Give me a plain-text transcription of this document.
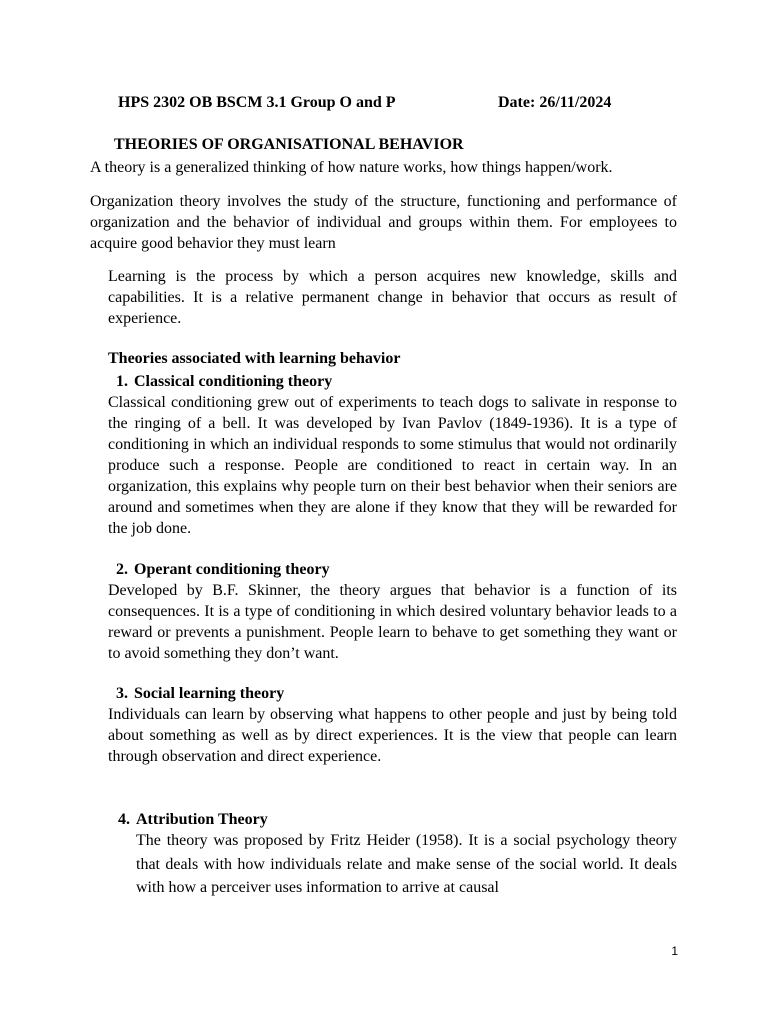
HPS 2302 OB BSCM 3.1 Group O and P	Date: 26/11/2024
THEORIES OF ORGANISATIONAL BEHAVIOR

A theory is a generalized thinking of how nature works, how things happen/work.

Organization theory involves the study of the structure, functioning and performance of organization and the behavior of individual and groups within them. For employees to acquire good behavior they must learn

Learning is the process by which a person acquires new knowledge, skills and capabilities. It is a relative permanent change in behavior that occurs as result of experience.

Theories associated with learning behavior
1. Classical conditioning theory

Classical conditioning grew out of experiments to teach dogs to salivate in response to the ringing of a bell. It was developed by Ivan Pavlov (1849-1936). It is a type of conditioning in which an individual responds to some stimulus that would not ordinarily produce such a response. People are conditioned to react in certain way. In an organization, this explains why people turn on their best behavior when their seniors are around and sometimes when they are alone if they know that they will be rewarded for the job done.

2. Operant conditioning theory

Developed by B.F. Skinner, the theory argues that behavior is a function of its consequences. It is a type of conditioning in which desired voluntary behavior leads to a reward or prevents a punishment. People learn to behave to get something they want or to avoid something they don’t want.

3. Social learning theory

Individuals can learn by observing what happens to other people and just by being told about something as well as by direct experiences. It is the view that people can learn through observation and direct experience.

4. Attribution Theory

The theory was proposed by Fritz Heider (1958). It is a social psychology theory that deals with how individuals relate and make sense of the social world. It deals with how a perceiver uses information to arrive at causal

1
